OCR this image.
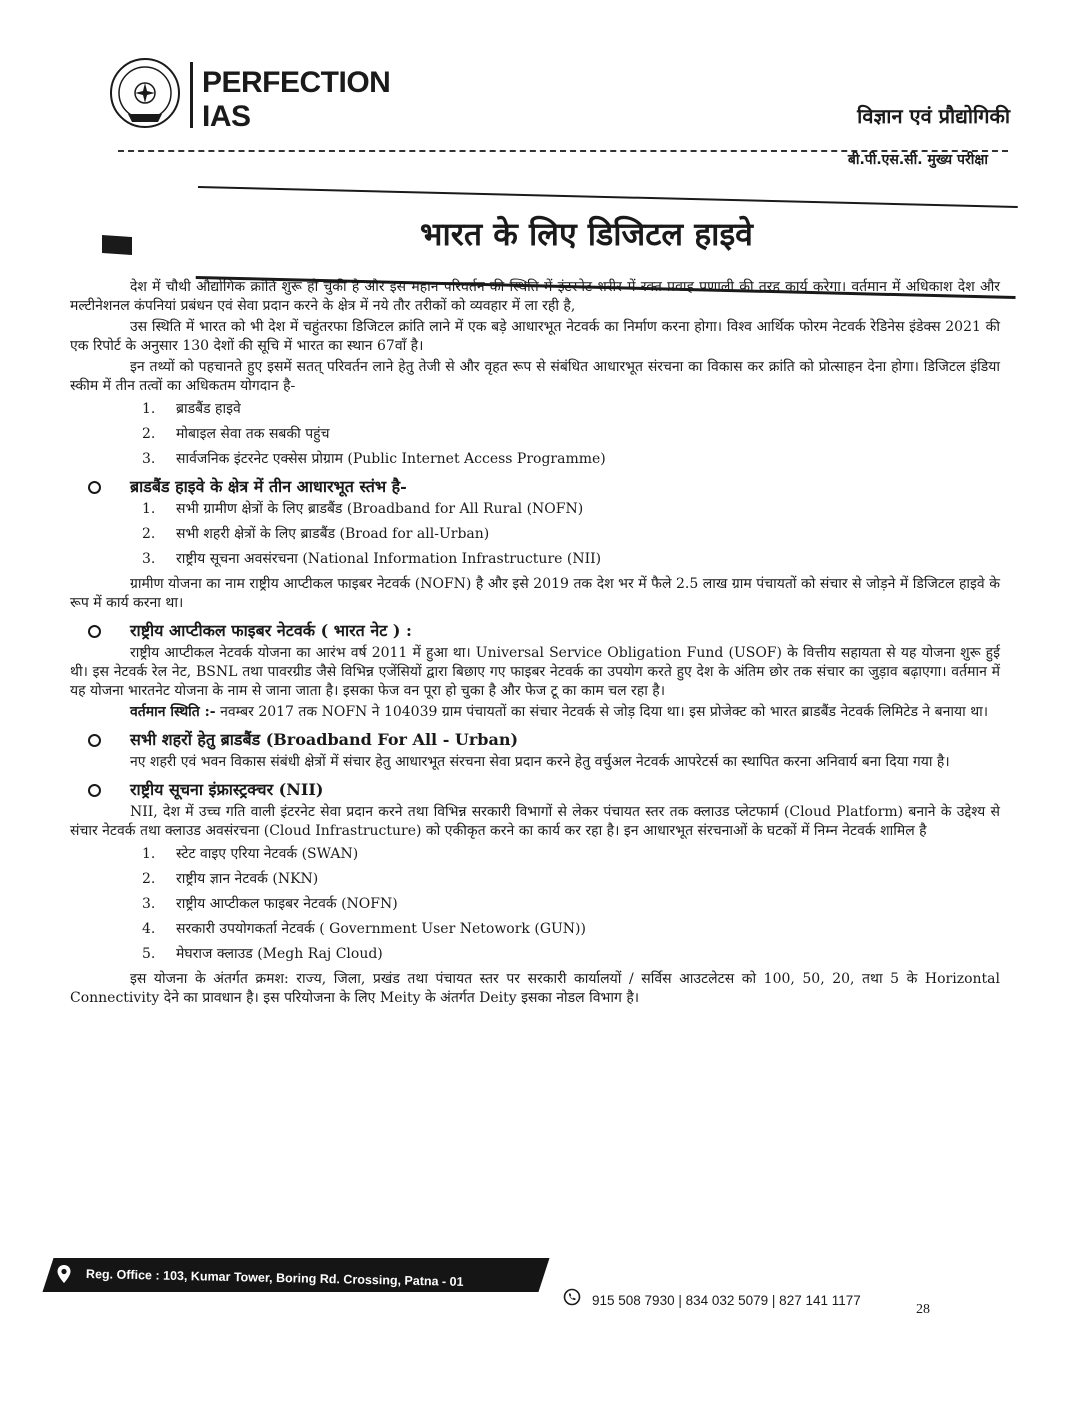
PERFECTION
IAS	विज्ञान एवं प्रौद्योगिकी
बी.पी.एस.सी. मुख्य परीक्षा
भारत के लिए डिजिटल हाइवे

देश में चौथी औद्योगिक क्रांति शुरू हो चुकी है और इस महान परिवर्तन की स्थिति में इंटरनेट शरीर में रक्त प्रवाह प्रणाली की तरह कार्य करेगा। वर्तमान में अधिकाश देश और मल्टीनेशनल कंपनियां प्रबंधन एवं सेवा प्रदान करने के क्षेत्र में नये तौर तरीकों को व्यवहार में ला रही है,

उस स्थिति में भारत को भी देश में चहुंतरफा डिजिटल क्रांति लाने में एक बड़े आधारभूत नेटवर्क का निर्माण करना होगा। विश्व आर्थिक फोरम नेटवर्क रेडिनेस इंडेक्स 2021 की एक रिपोर्ट के अनुसार 130 देशों की सूचि में भारत का स्थान 67वाँ है।

इन तथ्यों को पहचानते हुए इसमें सतत् परिवर्तन लाने हेतु तेजी से और वृहत रूप से संबंधित आधारभूत संरचना का विकास कर क्रांति को प्रोत्साहन देना होगा। डिजिटल इंडिया स्कीम में तीन तत्वों का अधिकतम योगदान है-

1. ब्राडबैंड हाइवे
2. मोबाइल सेवा तक सबकी पहुंच
3. सार्वजनिक इंटरनेट एक्सेस प्रोग्राम (Public Internet Access Programme)
ब्राडबैंड हाइवे के क्षेत्र में तीन आधारभूत स्तंभ है-
1. सभी ग्रामीण क्षेत्रों के लिए ब्राडबैंड (Broadband for All Rural (NOFN)
2. सभी शहरी क्षेत्रों के लिए ब्राडबैंड (Broad for all-Urban)
3. राष्ट्रीय सूचना अवसंरचना (National Information Infrastructure (NII)

ग्रामीण योजना का नाम राष्ट्रीय आप्टीकल फाइबर नेटवर्क (NOFN) है और इसे 2019 तक देश भर में फैले 2.5 लाख ग्राम पंचायतों को संचार से जोड़ने में डिजिटल हाइवे के रूप में कार्य करना था।

राष्ट्रीय आप्टीकल फाइबर नेटवर्क ( भारत नेट ) :

राष्ट्रीय आप्टीकल नेटवर्क योजना का आरंभ वर्ष 2011 में हुआ था। Universal Service Obligation Fund (USOF) के वित्तीय सहायता से यह योजना शुरू हुई थी। इस नेटवर्क रेल नेट, BSNL तथा पावरग्रीड जैसे विभिन्न एजेंसियों द्वारा बिछाए गए फाइबर नेटवर्क का उपयोग करते हुए देश के अंतिम छोर तक संचार का जुड़ाव बढ़ाएगा। वर्तमान में यह योजना भारतनेट योजना के नाम से जाना जाता है। इसका फेज वन पूरा हो चुका है और फेज टू का काम चल रहा है।

वर्तमान स्थिति :- नवम्बर 2017 तक NOFN ने 104039 ग्राम पंचायतों का संचार नेटवर्क से जोड़ दिया था। इस प्रोजेक्ट को भारत ब्राडबैंड नेटवर्क लिमिटेड ने बनाया था।

सभी शहरों हेतु ब्राडबैंड (Broadband For All - Urban)

नए शहरी एवं भवन विकास संबंधी क्षेत्रों में संचार हेतु आधारभूत संरचना सेवा प्रदान करने हेतु वर्चुअल नेटवर्क आपरेटर्स का स्थापित करना अनिवार्य बना दिया गया है।

राष्ट्रीय सूचना इंफ्रास्ट्रक्चर (NII)

NII, देश में उच्च गति वाली इंटरनेट सेवा प्रदान करने तथा विभिन्न सरकारी विभागों से लेकर पंचायत स्तर तक क्लाउड प्लेटफार्म (Cloud Platform) बनाने के उद्देश्य से संचार नेटवर्क तथा क्लाउड अवसंरचना (Cloud Infrastructure) को एकीकृत करने का कार्य कर रहा है। इन आधारभूत संरचनाओं के घटकों में निम्न नेटवर्क शामिल है

1. स्टेट वाइए एरिया नेटवर्क (SWAN)
2. राष्ट्रीय ज्ञान नेटवर्क (NKN)
3. राष्ट्रीय आप्टीकल फाइबर नेटवर्क (NOFN)
4. सरकारी उपयोगकर्ता नेटवर्क ( Government User Netowork (GUN))
5. मेघराज क्लाउड (Megh Raj Cloud)

इस योजना के अंतर्गत क्रमश: राज्य, जिला, प्रखंड तथा पंचायत स्तर पर सरकारी कार्यालयों / सर्विस आउटलेटस को 100, 50, 20, तथा 5 के Horizontal Connectivity देने का प्रावधान है। इस परियोजना के लिए Meity के अंतर्गत Deity इसका नोडल विभाग है।

Reg. Office : 103, Kumar Tower, Boring Rd. Crossing, Patna - 01
915 508 7930 | 834 032 5079 | 827 141 1177
28
